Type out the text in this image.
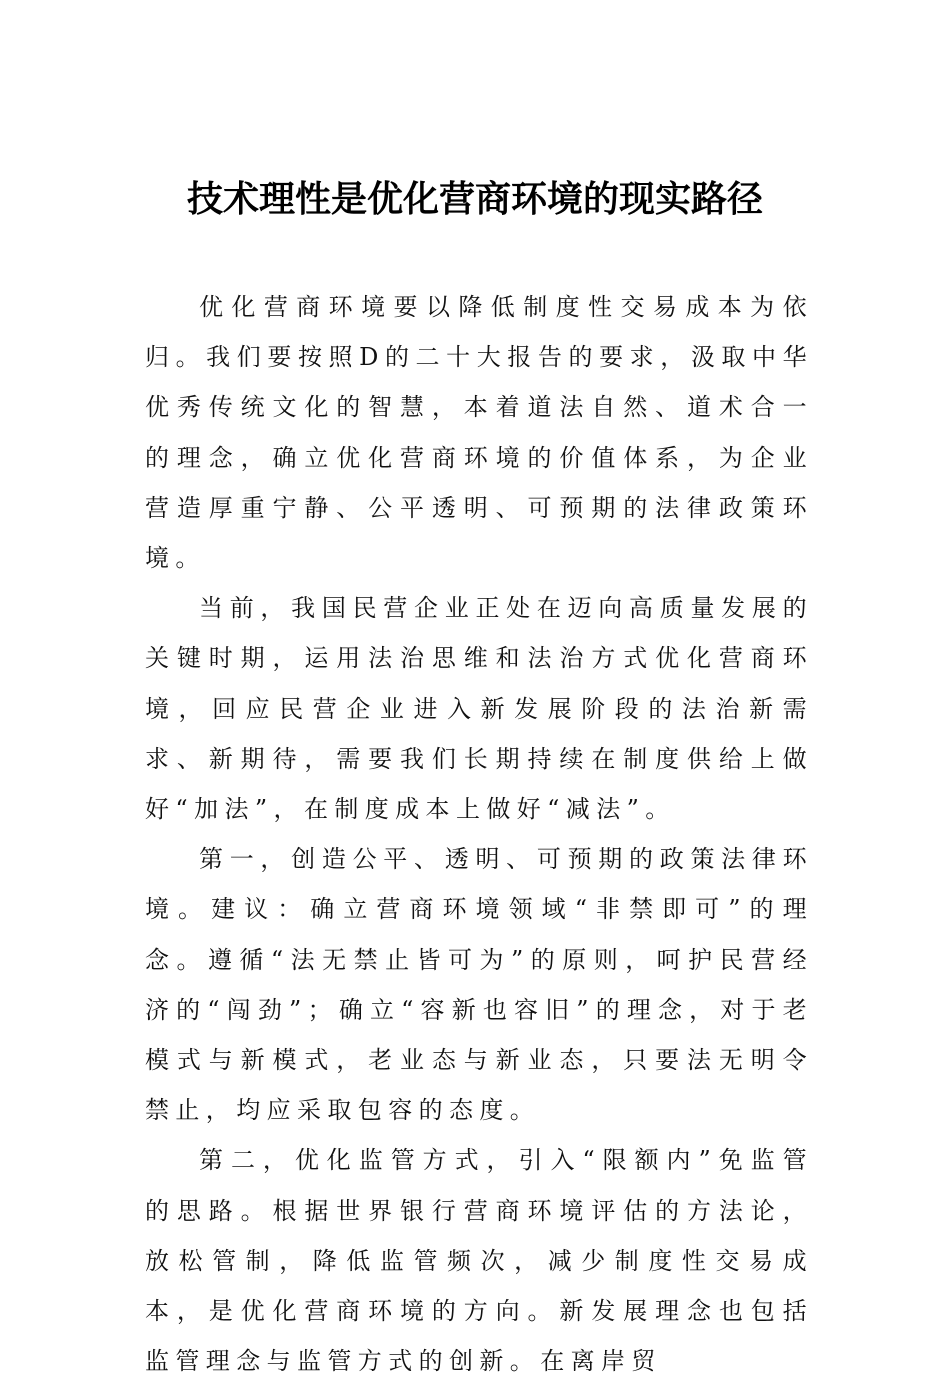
技术理性是优化营商环境的现实路径

优化营商环境要以降低制度性交易成本为依归。我们要按照D的二十大报告的要求，汲取中华优秀传统文化的智慧，本着道法自然、道术合一的理念，确立优化营商环境的价值体系，为企业营造厚重宁静、公平透明、可预期的法律政策环境。

当前，我国民营企业正处在迈向高质量发展的关键时期，运用法治思维和法治方式优化营商环境，回应民营企业进入新发展阶段的法治新需求、新期待，需要我们长期持续在制度供给上做好“加法”，在制度成本上做好“减法”。

第一，创造公平、透明、可预期的政策法律环境。建议：确立营商环境领域“非禁即可”的理念。遵循“法无禁止皆可为”的原则，呵护民营经济的“闯劲”；确立“容新也容旧”的理念，对于老模式与新模式，老业态与新业态，只要法无明令禁止，均应采取包容的态度。

第二，优化监管方式，引入“限额内”免监管的思路。根据世界银行营商环境评估的方法论，放松管制，降低监管频次，减少制度性交易成本，是优化营商环境的方向。新发展理念也包括监管理念与监管方式的创新。在离岸贸
